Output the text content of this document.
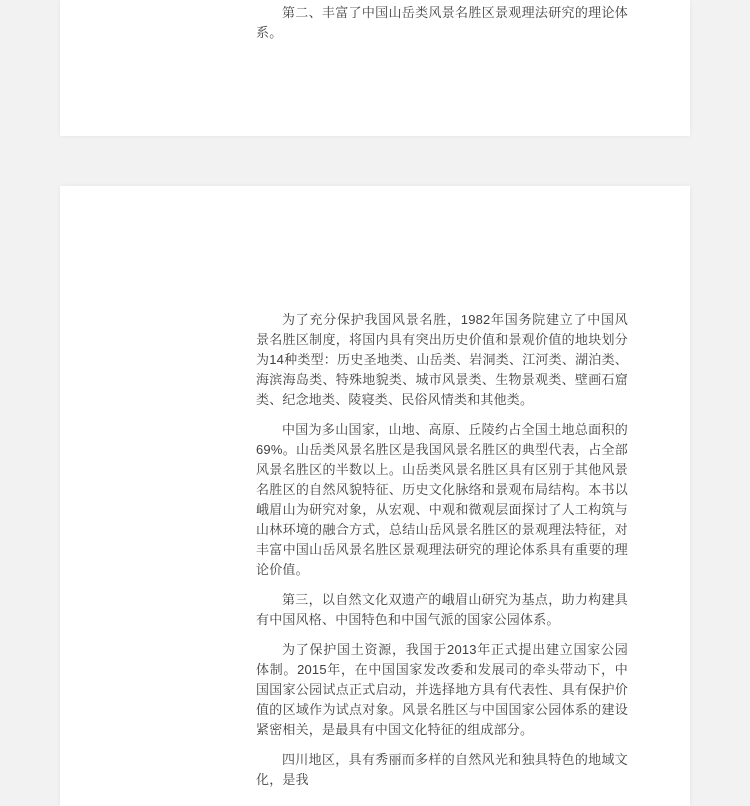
第二、丰富了中国山岳类风景名胜区景观理法研究的理论体系。

为了充分保护我国风景名胜，1982年国务院建立了中国风景名胜区制度，将国内具有突出历史价值和景观价值的地块划分为14种类型：历史圣地类、山岳类、岩洞类、江河类、湖泊类、海滨海岛类、特殊地貌类、城市风景类、生物景观类、壁画石窟类、纪念地类、陵寝类、民俗风情类和其他类。

中国为多山国家，山地、高原、丘陵约占全国土地总面积的69%。山岳类风景名胜区是我国风景名胜区的典型代表，占全部风景名胜区的半数以上。山岳类风景名胜区具有区别于其他风景名胜区的自然风貌特征、历史文化脉络和景观布局结构。本书以峨眉山为研究对象，从宏观、中观和微观层面探讨了人工构筑与山林环境的融合方式，总结山岳风景名胜区的景观理法特征，对丰富中国山岳风景名胜区景观理法研究的理论体系具有重要的理论价值。

第三，以自然文化双遗产的峨眉山研究为基点，助力构建具有中国风格、中国特色和中国气派的国家公园体系。

为了保护国土资源，我国于2013年正式提出建立国家公园体制。2015年，在中国国家发改委和发展司的牵头带动下，中国国家公园试点正式启动，并选择地方具有代表性、具有保护价值的区域作为试点对象。风景名胜区与中国国家公园体系的建设紧密相关，是最具有中国文化特征的组成部分。

四川地区，具有秀丽而多样的自然风光和独具特色的地域文化，是我
